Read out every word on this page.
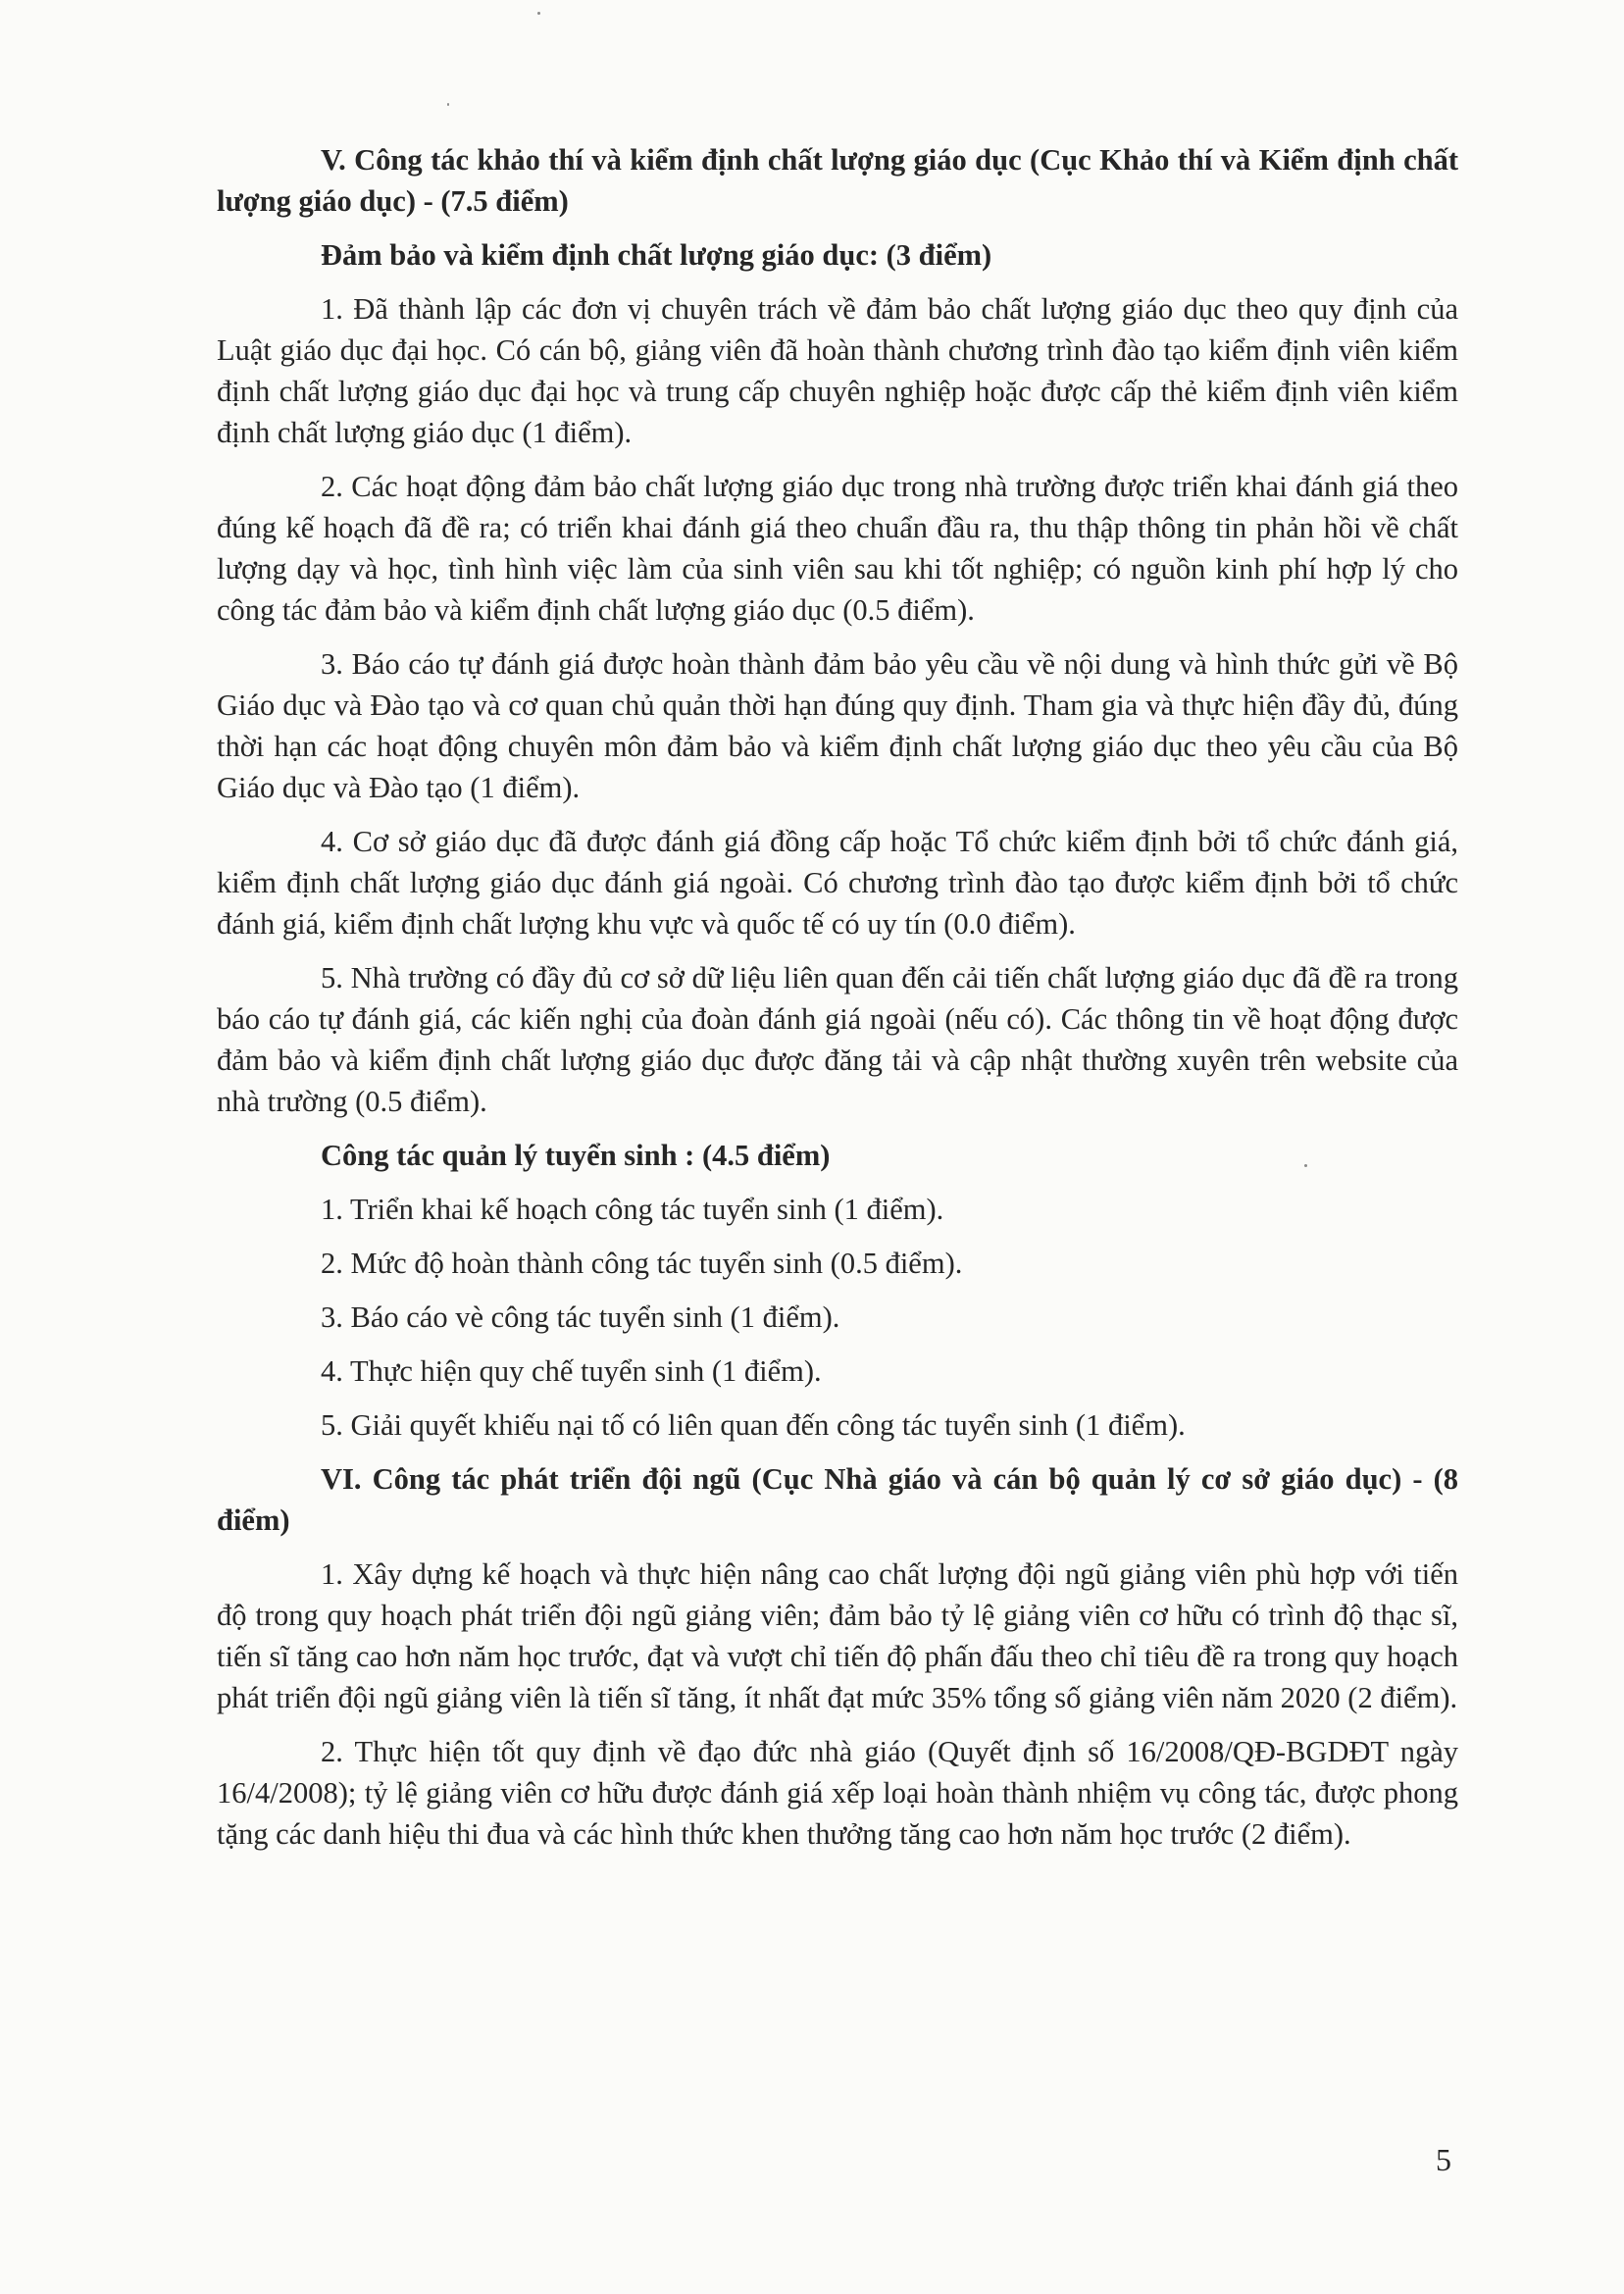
V. Công tác khảo thí và kiểm định chất lượng giáo dục (Cục Khảo thí và Kiểm định chất lượng giáo dục) - (7.5 điểm)

Đảm bảo và kiểm định chất lượng giáo dục: (3 điểm)

1. Đã thành lập các đơn vị chuyên trách về đảm bảo chất lượng giáo dục theo quy định của Luật giáo dục đại học. Có cán bộ, giảng viên đã hoàn thành chương trình đào tạo kiểm định viên kiểm định chất lượng giáo dục đại học và trung cấp chuyên nghiệp hoặc được cấp thẻ kiểm định viên kiểm định chất lượng giáo dục (1 điểm).

2. Các hoạt động đảm bảo chất lượng giáo dục trong nhà trường được triển khai đánh giá theo đúng kế hoạch đã đề ra; có triển khai đánh giá theo chuẩn đầu ra, thu thập thông tin phản hồi về chất lượng dạy và học, tình hình việc làm của sinh viên sau khi tốt nghiệp; có nguồn kinh phí hợp lý cho công tác đảm bảo và kiểm định chất lượng giáo dục (0.5 điểm).

3. Báo cáo tự đánh giá được hoàn thành đảm bảo yêu cầu về nội dung và hình thức gửi về Bộ Giáo dục và Đào tạo và cơ quan chủ quản thời hạn đúng quy định. Tham gia và thực hiện đầy đủ, đúng thời hạn các hoạt động chuyên môn đảm bảo và kiểm định chất lượng giáo dục theo yêu cầu của Bộ Giáo dục và Đào tạo (1 điểm).

4. Cơ sở giáo dục đã được đánh giá đồng cấp hoặc Tổ chức kiểm định bởi tổ chức đánh giá, kiểm định chất lượng giáo dục đánh giá ngoài. Có chương trình đào tạo được kiểm định bởi tổ chức đánh giá, kiểm định chất lượng khu vực và quốc tế có uy tín (0.0 điểm).

5. Nhà trường có đầy đủ cơ sở dữ liệu liên quan đến cải tiến chất lượng giáo dục đã đề ra trong báo cáo tự đánh giá, các kiến nghị của đoàn đánh giá ngoài (nếu có). Các thông tin về hoạt động được đảm bảo và kiểm định chất lượng giáo dục được đăng tải và cập nhật thường xuyên trên website của nhà trường (0.5 điểm).

Công tác quản lý tuyển sinh : (4.5 điểm)

1. Triển khai kế hoạch công tác tuyển sinh (1 điểm).

2. Mức độ hoàn thành công tác tuyển sinh (0.5 điểm).

3. Báo cáo vè công tác tuyển sinh (1 điểm).

4. Thực hiện quy chế tuyển sinh (1 điểm).

5. Giải quyết khiếu nại tố có liên quan đến công tác tuyển sinh (1 điểm).

VI. Công tác phát triển đội ngũ (Cục Nhà giáo và cán bộ quản lý cơ sở giáo dục) - (8 điểm)

1. Xây dựng kế hoạch và thực hiện nâng cao chất lượng đội ngũ giảng viên phù hợp với tiến độ trong quy hoạch phát triển đội ngũ giảng viên; đảm bảo tỷ lệ giảng viên cơ hữu có trình độ thạc sĩ, tiến sĩ tăng cao hơn năm học trước, đạt và vượt chỉ tiến độ phấn đấu theo chỉ tiêu đề ra trong quy hoạch phát triển đội ngũ giảng viên là tiến sĩ tăng, ít nhất đạt mức 35% tổng số giảng viên năm 2020 (2 điểm).

2. Thực hiện tốt quy định về đạo đức nhà giáo (Quyết định số 16/2008/QĐ-BGDĐT ngày 16/4/2008); tỷ lệ giảng viên cơ hữu được đánh giá xếp loại hoàn thành nhiệm vụ công tác, được phong tặng các danh hiệu thi đua và các hình thức khen thưởng tăng cao hơn năm học trước (2 điểm).

5
